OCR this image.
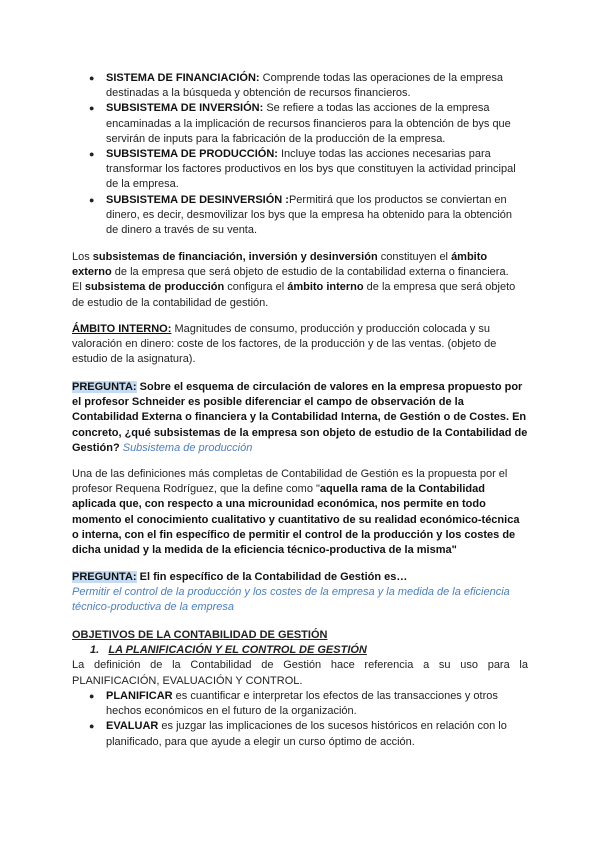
● SISTEMA DE FINANCIACIÓN: Comprende todas las operaciones de la empresa destinadas a la búsqueda y obtención de recursos financieros.
● SUBSISTEMA DE INVERSIÓN: Se refiere a todas las acciones de la empresa encaminadas a la implicación de recursos financieros para la obtención de bys que servirán de inputs para la fabricación de la producción de la empresa.
● SUBSISTEMA DE PRODUCCIÓN: Incluye todas las acciones necesarias para transformar los factores productivos en los bys que constituyen la actividad principal de la empresa.
● SUBSISTEMA DE DESINVERSIÓN :Permitirá que los productos se conviertan en dinero, es decir, desmovilizar los bys que la empresa ha obtenido para la obtención de dinero a través de su venta.
Los subsistemas de financiación, inversión y desinversión constituyen el ámbito externo de la empresa que será objeto de estudio de la contabilidad externa o financiera.
El subsistema de producción configura el ámbito interno de la empresa que será objeto de estudio de la contabilidad de gestión.
ÁMBITO INTERNO: Magnitudes de consumo, producción y producción colocada y su valoración en dinero: coste de los factores, de la producción y de las ventas. (objeto de estudio de la asignatura).
PREGUNTA: Sobre el esquema de circulación de valores en la empresa propuesto por el profesor Schneider es posible diferenciar el campo de observación de la Contabilidad Externa o financiera y la Contabilidad Interna, de Gestión o de Costes. En concreto, ¿qué subsistemas de la empresa son objeto de estudio de la Contabilidad de Gestión? Subsistema de producción
Una de las definiciones más completas de Contabilidad de Gestión es la propuesta por el profesor Requena Rodríguez, que la define como "aquella rama de la Contabilidad aplicada que, con respecto a una microunidad económica, nos permite en todo momento el conocimiento cualitativo y cuantitativo de su realidad económico-técnica o interna, con el fin específico de permitir el control de la producción y los costes de dicha unidad y la medida de la eficiencia técnico-productiva de la misma"
PREGUNTA: El fin específico de la Contabilidad de Gestión es…
Permitir el control de la producción y los costes de la empresa y la medida de la eficiencia técnico-productiva de la empresa
OBJETIVOS DE LA CONTABILIDAD DE GESTIÓN
1. LA PLANIFICACIÓN Y EL CONTROL DE GESTIÓN
La definición de la Contabilidad de Gestión hace referencia a su uso para la PLANIFICACIÓN, EVALUACIÓN Y CONTROL.
● PLANIFICAR es cuantificar e interpretar los efectos de las transacciones y otros hechos económicos en el futuro de la organización.
● EVALUAR es juzgar las implicaciones de los sucesos históricos en relación con lo planificado, para que ayude a elegir un curso óptimo de acción.
